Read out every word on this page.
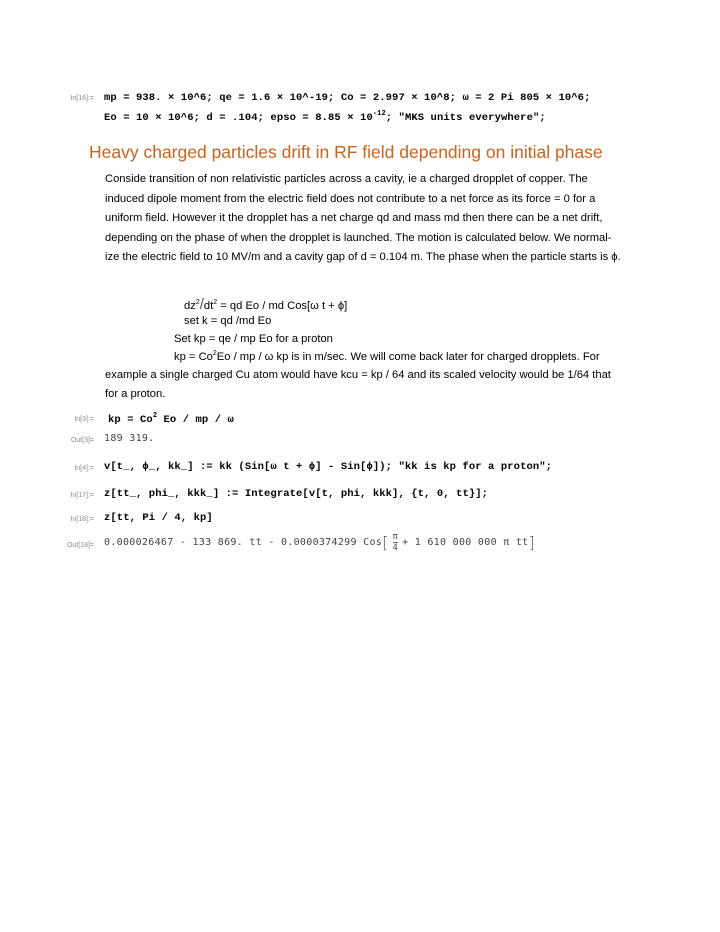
In[16]:= mp = 938. × 10^6; qe = 1.6 × 10^-19; Co = 2.997 × 10^8; ω = 2 Pi 805 × 10^6;
Eo = 10 × 10^6; d = .104; epso = $8.85 \times 10^{-12}$; "MKS units everywhere";
Heavy charged particles drift in RF field depending on initial phase
Conside transition of non relativistic particles across a cavity, ie a charged dropplet of copper. The induced dipole moment from the electric field does not contribute to a net force as its force = 0 for a uniform field. However it the dropplet has a net charge qd and mass md then there can be a net drift, depending on the phase of when the dropplet is launched. The motion is calculated below. We normal-ize the electric field to 10 MV/m and a cavity gap of d = 0.104 m. The phase when the particle starts is ϕ.
$dz^2/dt^2$ = qd Eo / md Cos[ω t + ϕ]
set k = qd /md Eo
Set kp = qe / mp Eo for a proton
kp = $Co^2Eo$ / mp / ω kp is in m/sec. We will come back later for charged dropplets. For
example a single charged Cu atom would have kcu = kp / 64 and its scaled velocity would be 1/64 that
for a proton.
In[3]:= kp = $Co^2$ Eo / mp / ω
Out[3]= 189 319.
In[4]:= v[t_, ϕ_, kk_] := kk (Sin[ω t + ϕ] - Sin[ϕ]); "kk is kp for a proton";
In[17]:= z[tt_, phi_, kkk_] := Integrate[v[t, phi, kkk], {t, 0, tt}];
In[18]:= z[tt, Pi / 4, kp]
Out[18]= 0.000026467 - 133 869. tt - 0.0000374299 Cos [ $\frac{\pi}{4} + 1$ 610 000 000 π tt ]
